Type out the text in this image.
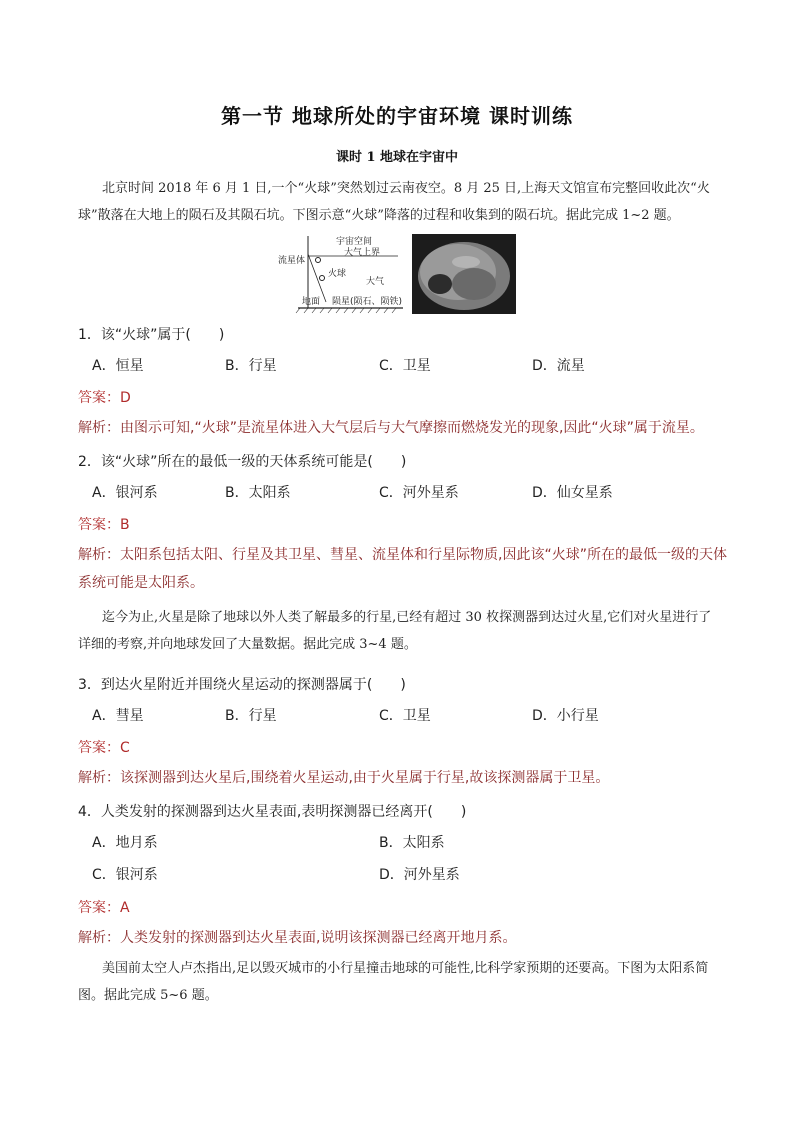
第一节 地球所处的宇宙环境 课时训练
课时 1 地球在宇宙中
北京时间 2018 年 6 月 1 日,一个“火球”突然划过云南夜空。8 月 25 日,上海天文馆宣布完整回收此次“火球”散落在大地上的陨石及其陨石坑。下图示意“火球”降落的过程和收集到的陨石坑。据此完成 1~2 题。
宇宙空间
大气上界
流星体
火球
大气
地面 陨星(陨石、陨铁)
1．该“火球”属于(　　)
A．恒星	B．行星	C．卫星	D．流星
答案：D
解析：由图示可知,“火球”是流星体进入大气层后与大气摩擦而燃烧发光的现象,因此“火球”属于流星。
2．该“火球”所在的最低一级的天体系统可能是(　　)
A．银河系	B．太阳系	C．河外星系	D．仙女星系
答案：B
解析：太阳系包括太阳、行星及其卫星、彗星、流星体和行星际物质,因此该“火球”所在的最低一级的天体系统可能是太阳系。
迄今为止,火星是除了地球以外人类了解最多的行星,已经有超过 30 枚探测器到达过火星,它们对火星进行了详细的考察,并向地球发回了大量数据。据此完成 3~4 题。
3．到达火星附近并围绕火星运动的探测器属于(　　)
A．彗星	B．行星	C．卫星	D．小行星
答案：C
解析：该探测器到达火星后,围绕着火星运动,由于火星属于行星,故该探测器属于卫星。
4．人类发射的探测器到达火星表面,表明探测器已经离开(　　)
A．地月系	B．太阳系
C．银河系	D．河外星系
答案：A
解析：人类发射的探测器到达火星表面,说明该探测器已经离开地月系。
美国前太空人卢杰指出,足以毁灭城市的小行星撞击地球的可能性,比科学家预期的还要高。下图为太阳系简图。据此完成 5~6 题。
